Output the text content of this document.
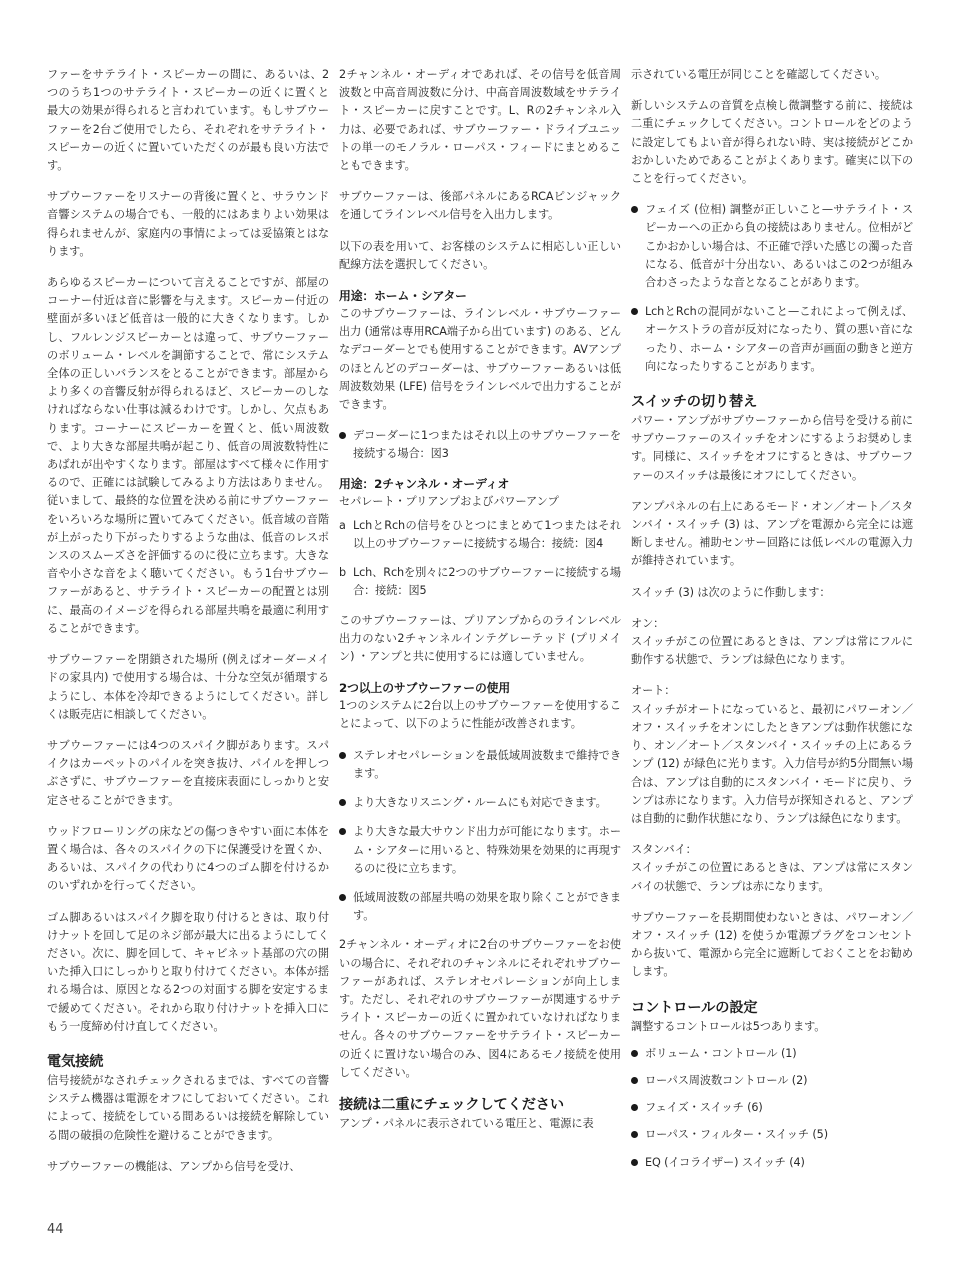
ファーをサテライト・スピーカーの間に、あるいは、2つのうち1つのサテライト・スピーカーの近くに置くと最大の効果が得られると言われています。もしサブウーファーを2台ご使用でしたら、それぞれをサテライト・スピーカーの近くに置いていただくのが最も良い方法です。

サブウーファーをリスナーの背後に置くと、サラウンド音響システムの場合でも、一般的にはあまりよい効果は得られませんが、家庭内の事情によっては妥協策とはなります。

あらゆるスピーカーについて言えることですが、部屋のコーナー付近は音に影響を与えます。スピーカー付近の壁面が多いほど低音は一般的に大きくなります。しかし、フルレンジスピーカーとは違って、サブウーファーのボリューム・レベルを調節することで、常にシステム全体の正しいバランスをとることができます。部屋からより多くの音響反射が得られるほど、スピーカーのしなければならない仕事は減るわけです。しかし、欠点もあります。コーナーにスピーカーを置くと、低い周波数で、より大きな部屋共鳴が起こり、低音の周波数特性にあばれが出やすくなります。部屋はすべて様々に作用するので、正確には試験してみるより方法はありません。従いまして、最終的な位置を決める前にサブウーファーをいろいろな場所に置いてみてください。低音域の音階が上がったり下がったりするような曲は、低音のレスポンスのスムーズさを評価するのに役に立ちます。大きな音や小さな音をよく聴いてください。もう1台サブウーファーがあると、サテライト・スピーカーの配置とは別に、最高のイメージを得られる部屋共鳴を最適に利用することができます。

サブウーファーを閉鎖された場所 (例えばオーダーメイドの家具内) で使用する場合は、十分な空気が循環するようにし、本体を冷却できるようにしてください。詳しくは販売店に相談してください。

サブウーファーには4つのスパイク脚があります。スパイクはカーペットのパイルを突き抜け、パイルを押しつぶさずに、サブウーファーを直接床表面にしっかりと安定させることができます。

ウッドフローリングの床などの傷つきやすい面に本体を置く場合は、各々のスパイクの下に保護受けを置くか、あるいは、スパイクの代わりに4つのゴム脚を付けるかのいずれかを行ってください。

ゴム脚あるいはスパイク脚を取り付けるときは、取り付けナットを回して足のネジ部が最大に出るようにしてください。次に、脚を回して、キャビネット基部の穴の開いた挿入口にしっかりと取り付けてください。本体が揺れる場合は、原因となる2つの対面する脚を安定するまで緩めてください。それから取り付けナットを挿入口にもう一度締め付け直してください。

電気接続

信号接続がなされチェックされるまでは、すべての音響システム機器は電源をオフにしておいてください。これによって、接続をしている間あるいは接続を解除している間の破損の危険性を避けることができます。

サブウーファーの機能は、アンプから信号を受け、

2チャンネル・オーディオであれば、その信号を低音周波数と中高音周波数に分け、中高音周波数域をサテライト・スピーカーに戻すことです。L、Rの2チャンネル入力は、必要であれば、サブウーファー・ドライブユニットの単一のモノラル・ローパス・フィードにまとめることもできます。

サブウーファーは、後部パネルにあるRCAピンジャックを通してラインレベル信号を入出力します。

以下の表を用いて、お客様のシステムに相応しい正しい配線方法を選択してください。

用途：ホーム・シアター

このサブウーファーは、ラインレベル・サブウーファー出力 (通常は専用RCA端子から出ています) のある、どんなデコーダーとでも使用することができます。AVアンプのほとんどのデコーダーは、サブウーファーあるいは低周波数効果 (LFE) 信号をラインレベルで出力することができます。

デコーダーに1つまたはそれ以上のサブウーファーを接続する場合：図3
用途：2チャンネル・オーディオ

セパレート・プリアンプおよびパワーアンプ

a LchとRchの信号をひとつにまとめて1つまたはそれ以上のサブウーファーに接続する場合：接続：図4
b Lch、Rchを別々に2つのサブウーファーに接続する場合：接続：図5

このサブウーファーは、プリアンプからのラインレベル出力のない2チャンネルインテグレーテッド (プリメイン) ・アンプと共に使用するには適していません。

2つ以上のサブウーファーの使用

1つのシステムに2台以上のサブウーファーを使用することによって、以下のように性能が改善されます。

ステレオセパレーションを最低域周波数まで維持できます。
より大きなリスニング・ルームにも対応できます。
より大きな最大サウンド出力が可能になります。ホーム・シアターに用いると、特殊効果を効果的に再現するのに役に立ちます。
低域周波数の部屋共鳴の効果を取り除くことができます。

2チャンネル・オーディオに2台のサブウーファーをお使いの場合に、それぞれのチャンネルにそれぞれサブウーファーがあれば、ステレオセパレーションが向上します。ただし、それぞれのサブウーファーが関連するサテライト・スピーカーの近くに置かれていなければなりません。各々のサブウーファーをサテライト・スピーカーの近くに置けない場合のみ、図4にあるモノ接続を使用してください。

接続は二重にチェックしてください

アンプ・パネルに表示されている電圧と、電源に表

示されている電圧が同じことを確認してください。

新しいシステムの音質を点検し微調整する前に、接続は二重にチェックしてください。コントロールをどのように設定してもよい音が得られない時、実は接続がどこかおかしいためであることがよくあります。確実に以下のことを行ってください。

フェイズ (位相) 調整が正しいこと—サテライト・スピーカーへの正から負の接続はありません。位相がどこかおかしい場合は、不正確で浮いた感じの濁った音になる、低音が十分出ない、あるいはこの2つが組み合わさったような音となることがあります。
LchとRchの混同がないこと—これによって例えば、オーケストラの音が反対になったり、質の悪い音になったり、ホーム・シアターの音声が画面の動きと逆方向になったりすることがあります。
スイッチの切り替え

パワー・アンプがサブウーファーから信号を受ける前にサブウーファーのスイッチをオンにするようお奨めします。同様に、スイッチをオフにするときは、サブウーファーのスイッチは最後にオフにしてください。

アンプパネルの右上にあるモード・オン／オート／スタンバイ・スイッチ (3) は、アンプを電源から完全には遮断しません。補助センサー回路には低レベルの電源入力が維持されています。

スイッチ (3) は次のように作動します：

オン：

スイッチがこの位置にあるときは、アンプは常にフルに動作する状態で、ランプは緑色になります。

オート：

スイッチがオートになっていると、最初にパワーオン／オフ・スイッチをオンにしたときアンプは動作状態になり、オン／オート／スタンバイ・スイッチの上にあるランプ (12) が緑色に光ります。入力信号が約5分間無い場合は、アンプは自動的にスタンバイ・モードに戻り、ランプは赤になります。入力信号が探知されると、アンプは自動的に動作状態になり、ランプは緑色になります。

スタンバイ：

スイッチがこの位置にあるときは、アンプは常にスタンバイの状態で、ランプは赤になります。

サブウーファーを長期間使わないときは、パワーオン／オフ・スイッチ (12) を使うか電源プラグをコンセントから抜いて、電源から完全に遮断しておくことをお勧めします。

コントロールの設定

調整するコントロールは5つあります。

ボリューム・コントロール (1)
ローパス周波数コントロール (2)
フェイズ・スイッチ (6)
ローパス・フィルター・スイッチ (5)
EQ (イコライザー) スイッチ (4)
44
